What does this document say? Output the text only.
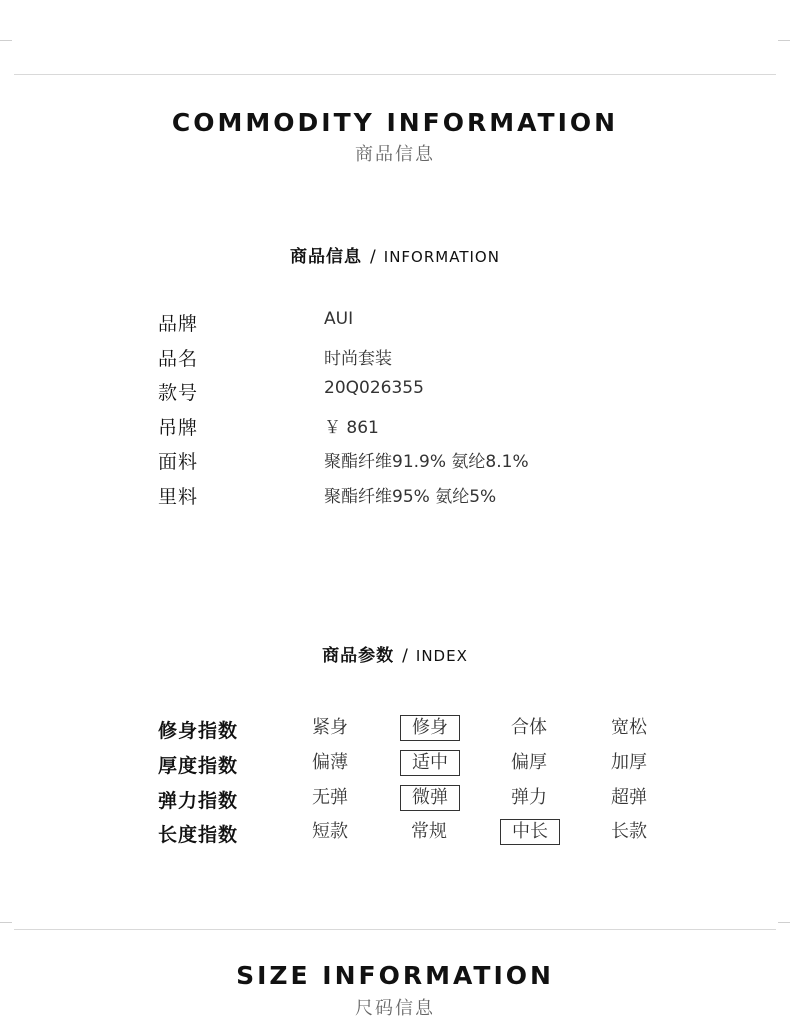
COMMODITY INFORMATION
商品信息
商品信息 / INFORMATION
品牌	AUI
品名	时尚套装
款号	20Q026355
吊牌	￥ 861
面料	聚酯纤维91.9% 氨纶8.1%
里料	聚酯纤维95% 氨纶5%
商品参数 / INDEX
修身指数	紧身	修身	合体	宽松
厚度指数	偏薄	适中	偏厚	加厚
弹力指数	无弹	微弹	弹力	超弹
长度指数	短款	常规	中长	长款
SIZE INFORMATION
尺码信息
